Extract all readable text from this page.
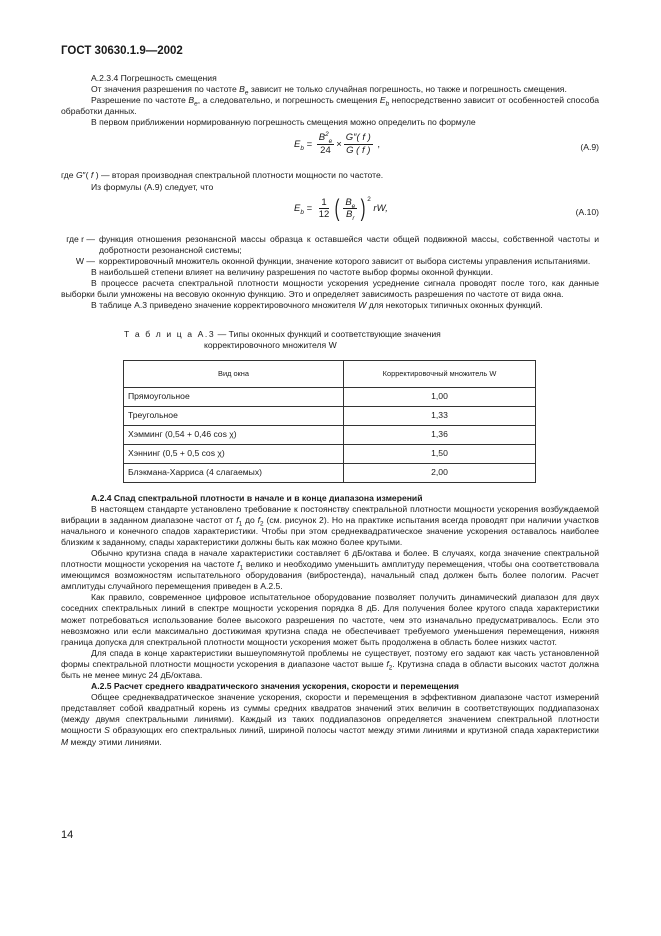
ГОСТ 30630.1.9—2002

A.2.3.4 Погрешность смещения

От значения разрешения по частоте $B_e$ зависит не только случайная погрешность, но также и погрешность смещения.

Разрешение по частоте $B_e$, а следовательно, и погрешность смещения $E_b$ непосредственно зависит от особенностей способа обработки данных.

В первом приближении нормированную погрешность смещения можно определить по формуле

$E_b = \frac{B^2_e}{24} \times \frac{G''( f )}{G ( f )}$ ,	(A.9)

где G″( f ) — вторая производная спектральной плотности мощности по частоте.

Из формулы (A.9) следует, что

$E_b = \frac{1}{12}$ ( $\frac{B_e}{B_r}$ ) 2
rW,	(A.10)
где r — функция отношения резонансной массы образца к оставшейся части общей подвижной массы, собственной частоты и добротности резонансной системы;

W — корректировочный множитель оконной функции, значение которого зависит от выбора системы управления испытаниями.

В наибольшей степени влияет на величину разрешения по частоте выбор формы оконной функции.

В процессе расчета спектральной плотности мощности ускорения усреднение сигнала проводят после того, как данные выборки были умножены на весовую оконную функцию. Это и определяет зависимость разрешения по частоте от вида окна.

В таблице A.3 приведено значение корректировочного множителя W для некоторых типичных оконных функций.

Т а б л и ц а A.3 — Типы оконных функций и соответствующие значения
корректировочного множителя W
Вид окна	Корректировочный множитель W
Прямоугольное	1,00
Треугольное	1,33
Хэмминг (0,54 + 0,46 cos χ)	1,36
Хэннинг (0,5 + 0,5 cos χ)	1,50
Блэкмана-Харриса (4 слагаемых)	2,00

A.2.4 Спад спектральной плотности в начале и в конце диапазона измерений

В настоящем стандарте установлено требование к постоянству спектральной плотности мощности ускорения возбуждаемой вибрации в заданном диапазоне частот от $f_1$ до $f_2$ (см. рисунок 2). Но на практике испытания всегда проводят при наличии участков начального и конечного спадов характеристики. Чтобы при этом среднеквадратическое значение ускорения оставалось наиболее близким к заданному, спады характеристики должны быть как можно более крутыми.

Обычно крутизна спада в начале характеристики составляет 6 дБ/октава и более. В случаях, когда значение спектральной плотности мощности ускорения на частоте $f_1$ велико и необходимо уменьшить амплитуду перемещения, чтобы она соответствовала имеющимся возможностям испытательного оборудования (вибростенда), начальный спад должен быть более пологим. Расчет амплитуды случайного перемещения приведен в A.2.5.

Как правило, современное цифровое испытательное оборудование позволяет получить динамический диапазон для двух соседних спектральных линий в спектре мощности ускорения порядка 8 дБ. Для получения более крутого спада характеристики может потребоваться использование более высокого разрешения по частоте, чем это изначально предусматривалось. Если это невозможно или если максимально достижимая крутизна спада не обеспечивает требуемого уменьшения перемещения, нижняя граница допуска для спектральной плотности мощности ускорения может быть продолжена в область более низких частот.

Для спада в конце характеристики вышеупомянутой проблемы не существует, поэтому его задают как часть установленной формы спектральной плотности мощности ускорения в диапазоне частот выше $f_2$. Крутизна спада в области высоких частот должна быть не менее минус 24 дБ/октава.

A.2.5 Расчет среднего квадратического значения ускорения, скорости и перемещения

Общее среднеквадратическое значение ускорения, скорости и перемещения в эффективном диапазоне частот измерений представляет собой квадратный корень из суммы средних квадратов значений этих величин в соответствующих поддиапазонах (между двумя спектральными линиями). Каждый из таких поддиапазонов определяется значением спектральной плотности мощности S образующих его спектральных линий, шириной полосы частот между этими линиями и крутизной спада характеристики M между этими линиями.

14
